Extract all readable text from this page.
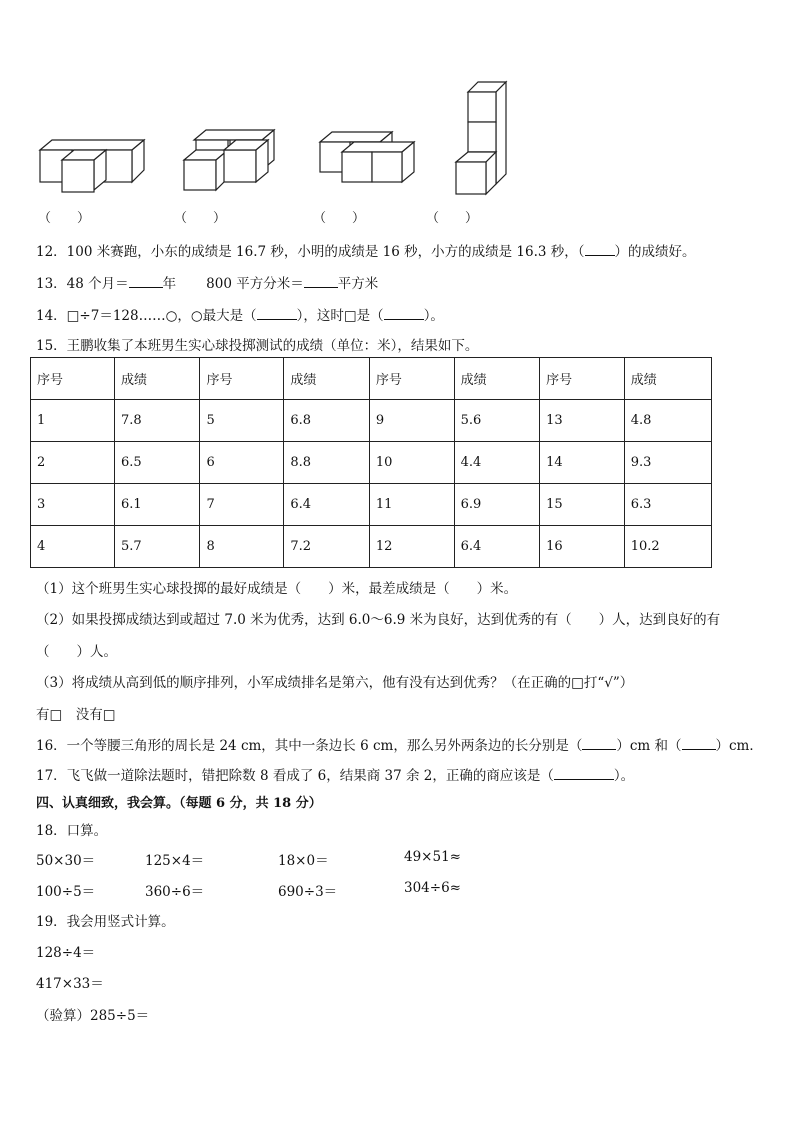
（　　）	（　　）	（　　）	（　　）
12．100 米赛跑，小东的成绩是 16.7 秒，小明的成绩是 16 秒，小方的成绩是 16.3 秒，（ ）的成绩好。
13．48 个月＝	年 800 平方分米＝	平方米
14．□÷7＝128……○，○最大是（	），这时□是（	）。
15．王鹏收集了本班男生实心球投掷测试的成绩（单位：米），结果如下。
序号	成绩	序号	成绩	序号	成绩	序号	成绩
1	7.8	5	6.8	9	5.6	13	4.8
2	6.5	6	8.8	10	4.4	14	9.3
3	6.1	7	6.4	11	6.9	15	6.3
4	5.7	8	7.2	12	6.4	16	10.2
（1）这个班男生实心球投掷的最好成绩是（　　）米，最差成绩是（　　）米。
（2）如果投掷成绩达到或超过 7.0 米为优秀，达到 6.0～6.9 米为良好，达到优秀的有（　　）人，达到良好的有
（　　）人。
（3）将成绩从高到低的顺序排列，小军成绩排名是第六，他有没有达到优秀？（在正确的□打“√”）
有□　没有□
16．一个等腰三角形的周长是 24 cm，其中一条边长 6 cm，那么另外两条边的长分别是（	）cm 和（	）cm．
17．飞飞做一道除法题时，错把除数 8 看成了 6，结果商 37 余 2，正确的商应该是（	）。
四、认真细致，我会算。（每题 6 分，共 18 分）
18．口算。
50×30＝	125×4＝	18×0＝	49×51≈
100÷5＝	360÷6＝	690÷3＝	304÷6≈
19．我会用竖式计算。
128÷4＝
417×33＝
（验算）285÷5＝
